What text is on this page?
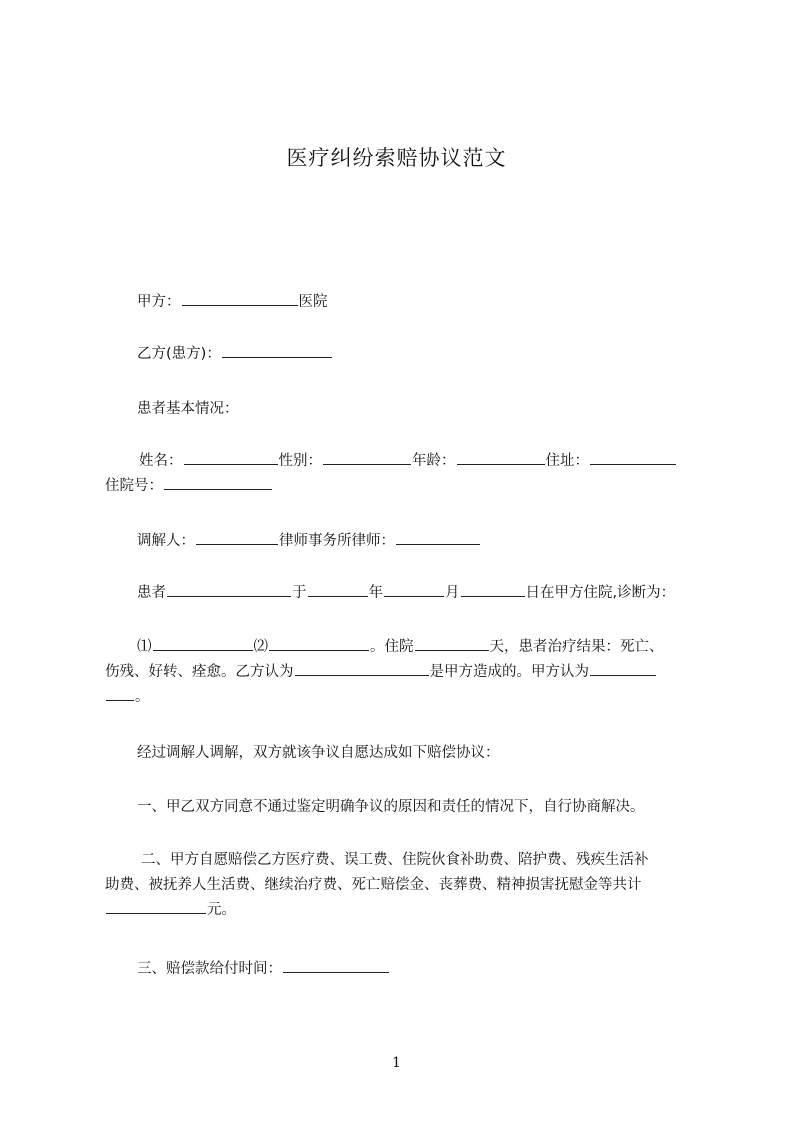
医疗纠纷索赔协议范文
甲方：	医院
乙方(患方)：
患者基本情况：
姓名：	性别：	年龄：	住址：
住院号：
调解人：	律师事务所律师：
患者	于	年	月	日在甲方住院,诊断为：
⑴	⑵	。住院	天，患者治疗结果：死亡、
伤残、好转、痊愈。乙方认为	是甲方造成的。甲方认为
。
经过调解人调解，双方就该争议自愿达成如下赔偿协议：
一、甲乙双方同意不通过鉴定明确争议的原因和责任的情况下，自行协商解决。
二、甲方自愿赔偿乙方医疗费、误工费、住院伙食补助费、陪护费、残疾生活补
助费、被抚养人生活费、继续治疗费、死亡赔偿金、丧葬费、精神损害抚慰金等共计
元。
三、赔偿款给付时间：
1
